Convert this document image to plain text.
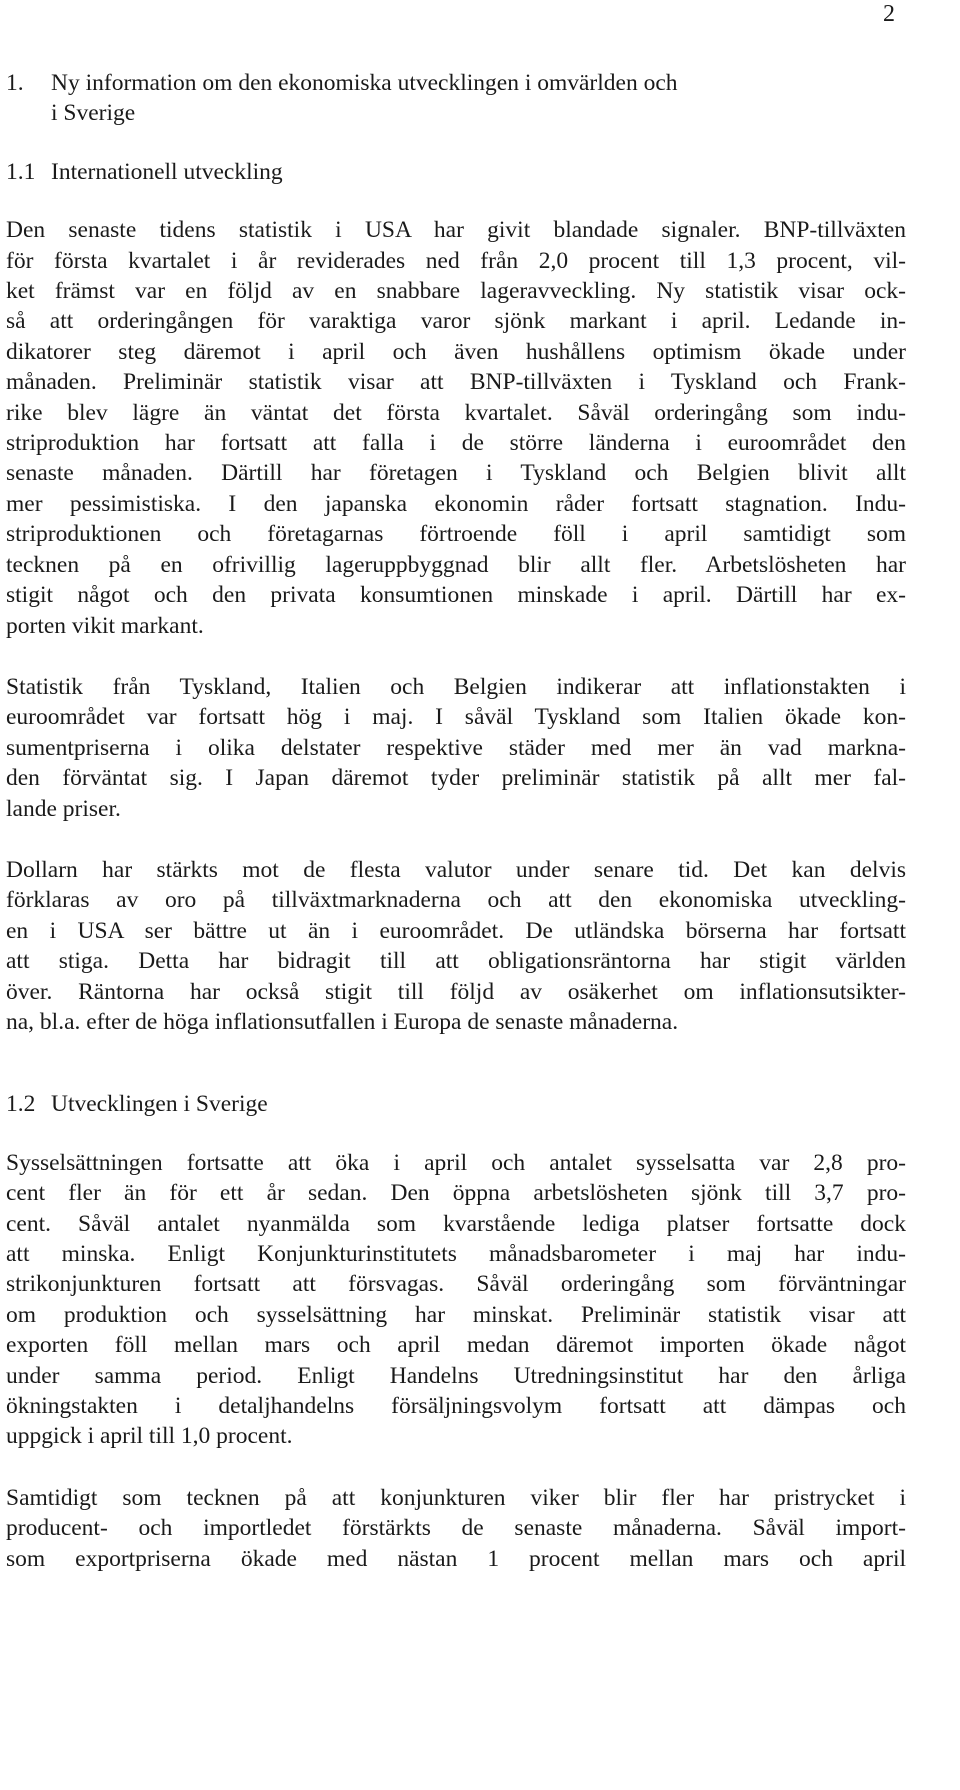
2
1. Ny information om den ekonomiska utvecklingen i omvärlden och
i Sverige
1.1 Internationell utveckling
Den senaste tidens statistik i USA har givit blandade signaler. BNP-tillväxten
för första kvartalet i år reviderades ned från 2,0 procent till 1,3 procent, vil-
ket främst var en följd av en snabbare lageravveckling. Ny statistik visar ock-
så att orderingången för varaktiga varor sjönk markant i april. Ledande in-
dikatorer steg däremot i april och även hushållens optimism ökade under
månaden. Preliminär statistik visar att BNP-tillväxten i Tyskland och Frank-
rike blev lägre än väntat det första kvartalet. Såväl orderingång som indu-
striproduktion har fortsatt att falla i de större länderna i euroområdet den
senaste månaden. Därtill har företagen i Tyskland och Belgien blivit allt
mer pessimistiska. I den japanska ekonomin råder fortsatt stagnation. Indu-
striproduktionen och företagarnas förtroende föll i april samtidigt som
tecknen på en ofrivillig lageruppbyggnad blir allt fler. Arbetslösheten har
stigit något och den privata konsumtionen minskade i april. Därtill har ex-
porten vikit markant.
Statistik från Tyskland, Italien och Belgien indikerar att inflationstakten i
euroområdet var fortsatt hög i maj. I såväl Tyskland som Italien ökade kon-
sumentpriserna i olika delstater respektive städer med mer än vad markna-
den förväntat sig. I Japan däremot tyder preliminär statistik på allt mer fal-
lande priser.
Dollarn har stärkts mot de flesta valutor under senare tid. Det kan delvis
förklaras av oro på tillväxtmarknaderna och att den ekonomiska utveckling-
en i USA ser bättre ut än i euroområdet. De utländska börserna har fortsatt
att stiga. Detta har bidragit till att obligationsräntorna har stigit världen
över. Räntorna har också stigit till följd av osäkerhet om inflationsutsikter-
na, bl.a. efter de höga inflationsutfallen i Europa de senaste månaderna.
1.2 Utvecklingen i Sverige
Sysselsättningen fortsatte att öka i april och antalet sysselsatta var 2,8 pro-
cent fler än för ett år sedan. Den öppna arbetslösheten sjönk till 3,7 pro-
cent. Såväl antalet nyanmälda som kvarstående lediga platser fortsatte dock
att minska. Enligt Konjunkturinstitutets månadsbarometer i maj har indu-
strikonjunkturen fortsatt att försvagas. Såväl orderingång som förväntningar
om produktion och sysselsättning har minskat. Preliminär statistik visar att
exporten föll mellan mars och april medan däremot importen ökade något
under samma period. Enligt Handelns Utredningsinstitut har den årliga
ökningstakten i detaljhandelns försäljningsvolym fortsatt att dämpas och
uppgick i april till 1,0 procent.
Samtidigt som tecknen på att konjunkturen viker blir fler har pristrycket i
producent- och importledet förstärkts de senaste månaderna. Såväl import-
som exportpriserna ökade med nästan 1 procent mellan mars och april
